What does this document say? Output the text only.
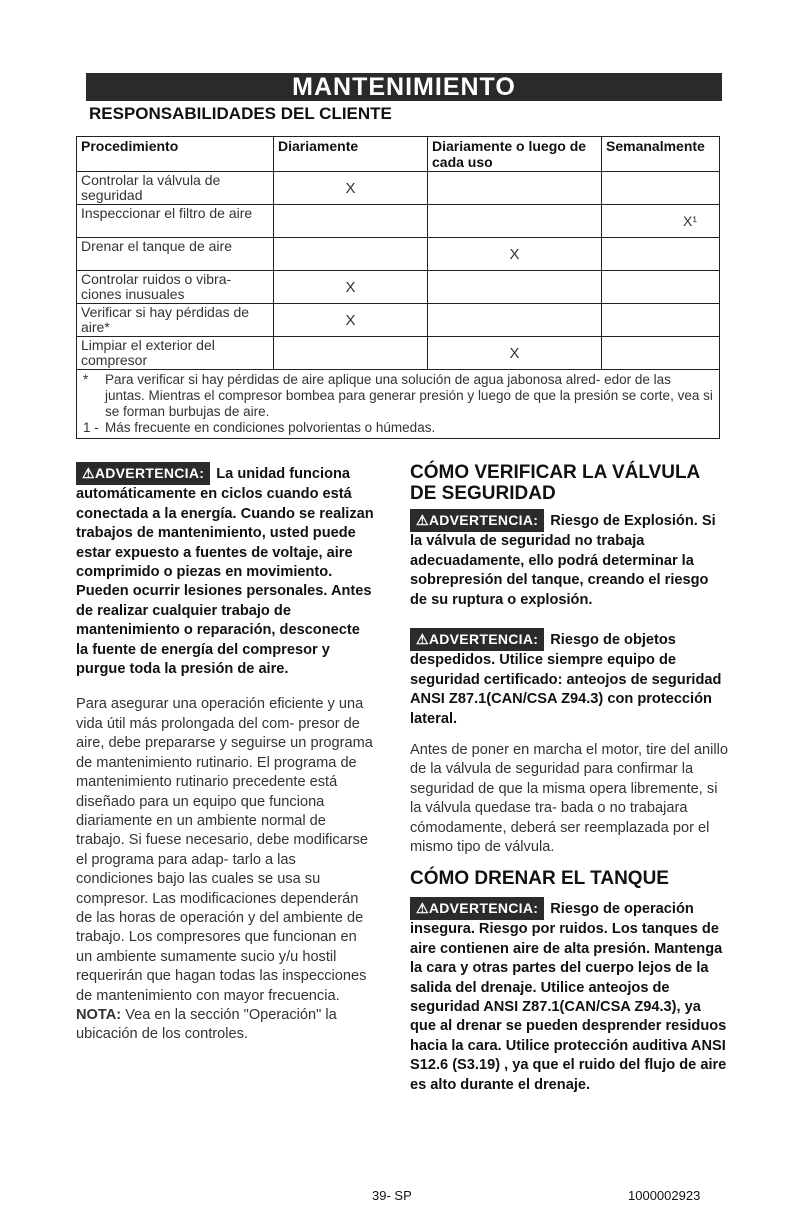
MANTENIMIENTO
RESPONSABILIDADES DEL CLIENTE
Procedimiento	Diariamente	Diariamente o luego de cada uso	Semanalmente
Controlar la válvula de seguridad	X		
Inspeccionar el filtro de aire			X¹
Drenar el tanque de aire		X	
Controlar ruidos o vibra- ciones inusuales	X		
Verificar si hay pérdidas de aire*	X		
Limpiar el exterior del compresor		X	

* Para verificar si hay pérdidas de aire aplique una solución de agua jabonosa alred- edor de las juntas. Mientras el compresor bombea para generar presión y luego de que la presión se corte, vea si se forman burbujas de aire.
1 - Más frecuente en condiciones polvorientas o húmedas.			

⚠ADVERTENCIA: La unidad funciona automáticamente en ciclos cuando está conectada a la energía. Cuando se realizan trabajos de mantenimiento, usted puede estar expuesto a fuentes de voltaje, aire comprimido o piezas en movimiento. Pueden ocurrir lesiones personales. Antes de realizar cualquier trabajo de mantenimiento o reparación, desconecte la fuente de energía del compresor y purgue toda la presión de aire.

Para asegurar una operación eficiente y una vida útil más prolongada del com- presor de aire, debe prepararse y seguirse un programa de mantenimiento rutinario. El programa de mantenimiento rutinario precedente está diseñado para un equipo que funciona diariamente en un ambiente normal de trabajo. Si fuese necesario, debe modificarse el programa para adap- tarlo a las condiciones bajo las cuales se usa su compresor. Las modificaciones dependerán de las horas de operación y del ambiente de trabajo. Los compresores que funcionan en un ambiente sumamente sucio y/u hostil requerirán que hagan todas las inspecciones de mantenimiento con mayor frecuencia.

NOTA: Vea en la sección "Operación" la ubicación de los controles.

CÓMO VERIFICAR LA VÁLVULA DE SEGURIDAD

⚠ADVERTENCIA: Riesgo de Explosión. Si la válvula de seguridad no trabaja adecuadamente, ello podrá determinar la sobrepresión del tanque, creando el riesgo de su ruptura o explosión.

⚠ADVERTENCIA: Riesgo de objetos despedidos. Utilice siempre equipo de seguridad certificado: anteojos de seguridad ANSI Z87.1(CAN/CSA Z94.3) con protección lateral.

Antes de poner en marcha el motor, tire del anillo de la válvula de seguridad para confirmar la seguridad de que la misma opera libremente, si la válvula quedase tra- bada o no trabajara cómodamente, deberá ser reemplazada por el mismo tipo de válvula.

CÓMO DRENAR EL TANQUE

⚠ADVERTENCIA: Riesgo de operación insegura. Riesgo por ruidos. Los tanques de aire contienen aire de alta presión. Mantenga la cara y otras partes del cuerpo lejos de la salida del drenaje. Utilice anteojos de seguridad ANSI Z87.1(CAN/CSA Z94.3), ya que al drenar se pueden desprender residuos hacia la cara. Utilice protección auditiva ANSI S12.6 (S3.19) , ya que el ruido del flujo de aire es alto durante el drenaje.

39- SP	1000002923
